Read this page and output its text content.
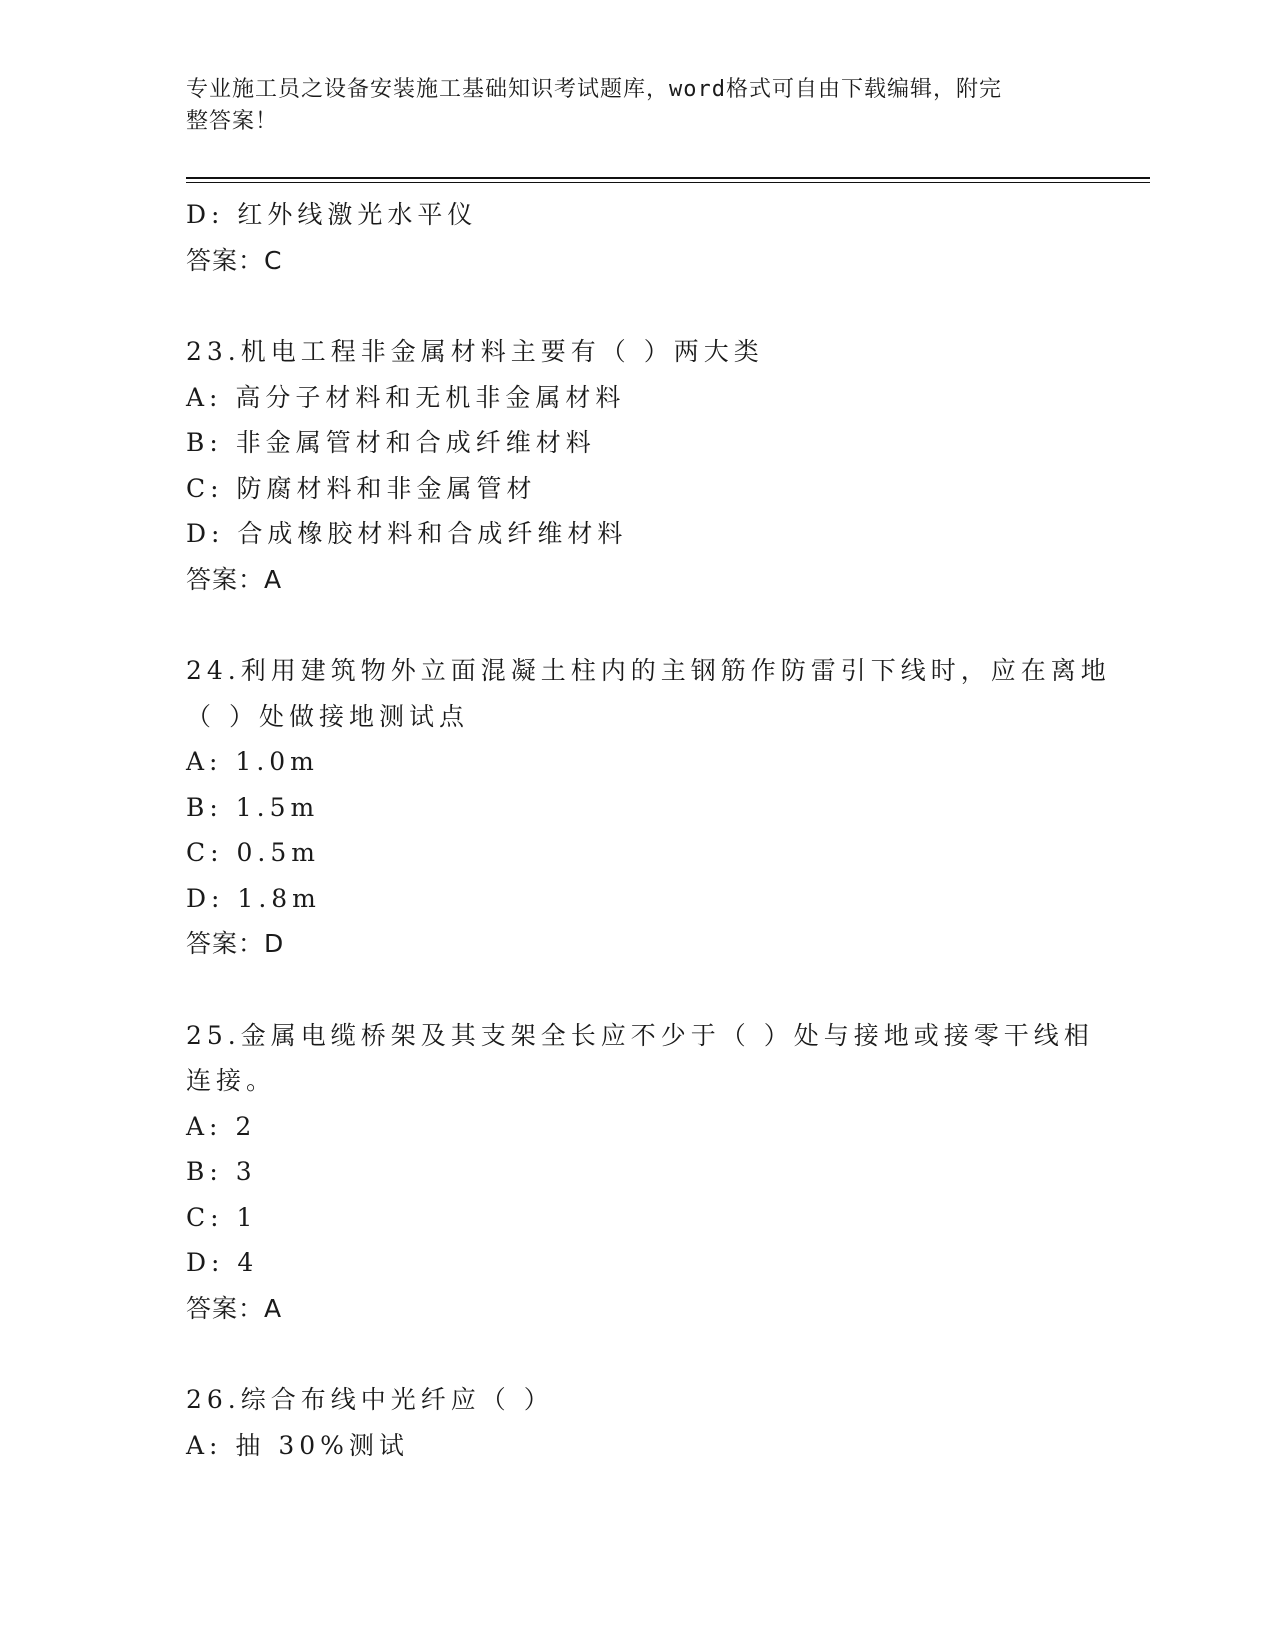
专业施工员之设备安装施工基础知识考试题库，word格式可自由下载编辑，附完
整答案！
D: 红外线激光水平仪
答案：C
23.机电工程非金属材料主要有（ ）两大类
A: 高分子材料和无机非金属材料
B: 非金属管材和合成纤维材料
C: 防腐材料和非金属管材
D: 合成橡胶材料和合成纤维材料
答案：A
24.利用建筑物外立面混凝土柱内的主钢筋作防雷引下线时，应在离地
（ ）处做接地测试点
A: 1.0m
B: 1.5m
C: 0.5m
D: 1.8m
答案：D
25.金属电缆桥架及其支架全长应不少于（ ）处与接地或接零干线相
连接。
A: 2
B: 3
C: 1
D: 4
答案：A
26.综合布线中光纤应（ ）
A: 抽 30%测试
